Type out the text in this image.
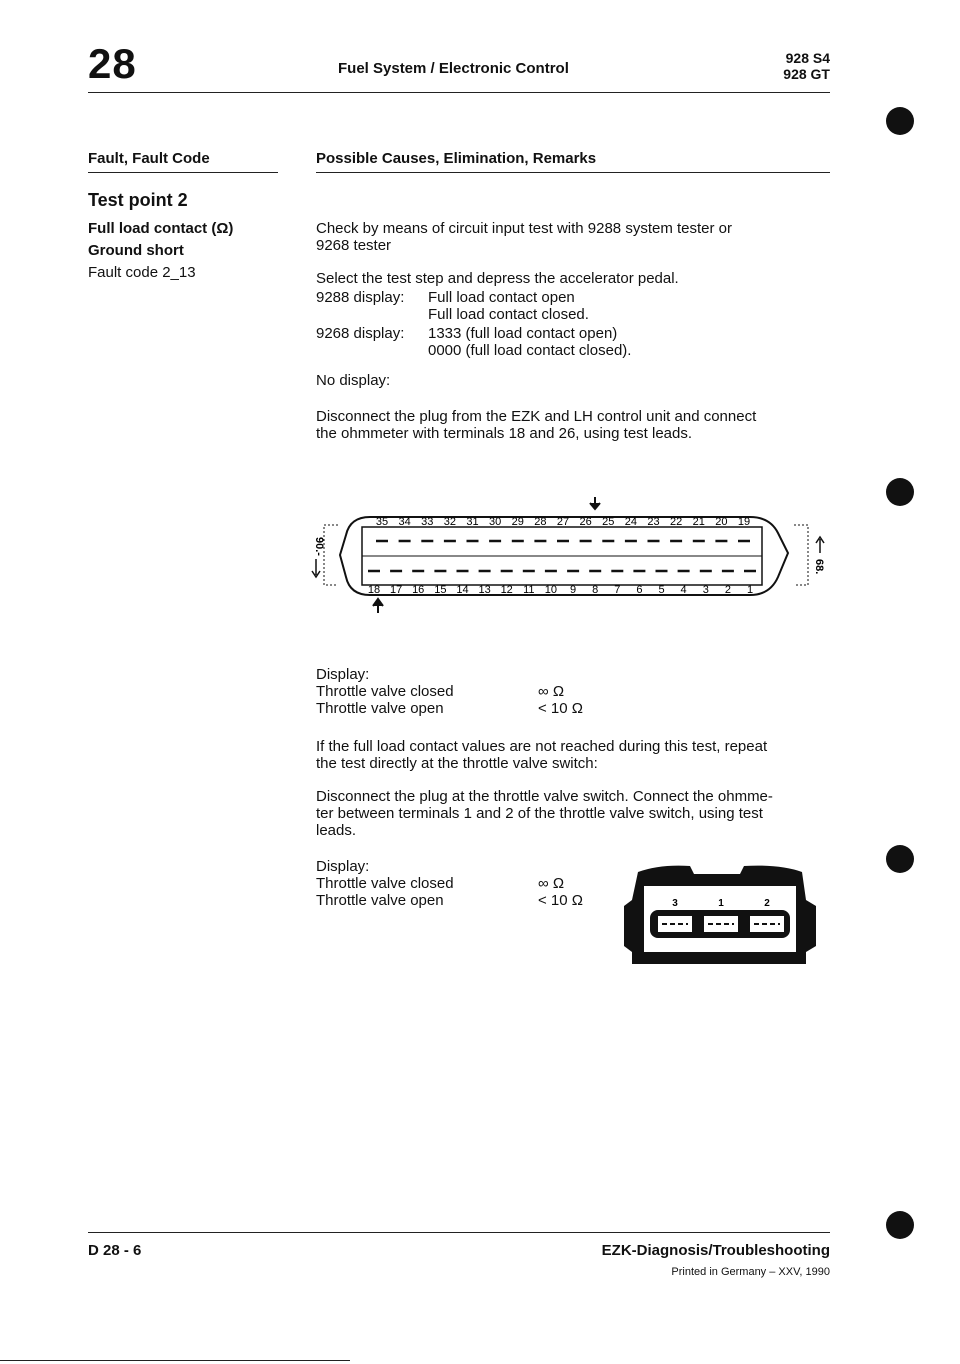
28	Fuel System / Electronic Control
928 S4
928 GT
Fault, Fault Code	Possible Causes, Elimination, Remarks
Test point 2
Full load contact (Ω)
Ground short
Fault code 2_13
Check by means of circuit input test with 9288 system tester or
9268 tester
Select the test step and depress the accelerator pedal.
9288 display:	Full load contact open
Full load contact closed.
9268 display:	1333 (full load contact open)
0000 (full load contact closed).
No display:
Disconnect the plug from the EZK and LH control unit and connect
the ohmmeter with terminals 18 and 26, using test leads.
90.-
68.
35 34 33 32 31 30 29 28 27 26 25 24 23 22 21 20 19
18 17 16 15 14 13 12 11 10 9 8 7 6 5 4 3 2 1
Display:
Throttle valve closed	∞ Ω
Throttle valve open	< 10 Ω
If the full load contact values are not reached during this test, repeat
the test directly at the throttle valve switch:
Disconnect the plug at the throttle valve switch. Connect the ohmme-
ter between terminals 1 and 2 of the throttle valve switch, using test
leads.
Display:
Throttle valve closed	∞ Ω
Throttle valve open	< 10 Ω	3	1	2
D 28 - 6	EZK-Diagnosis/Troubleshooting
Printed in Germany – XXV, 1990
